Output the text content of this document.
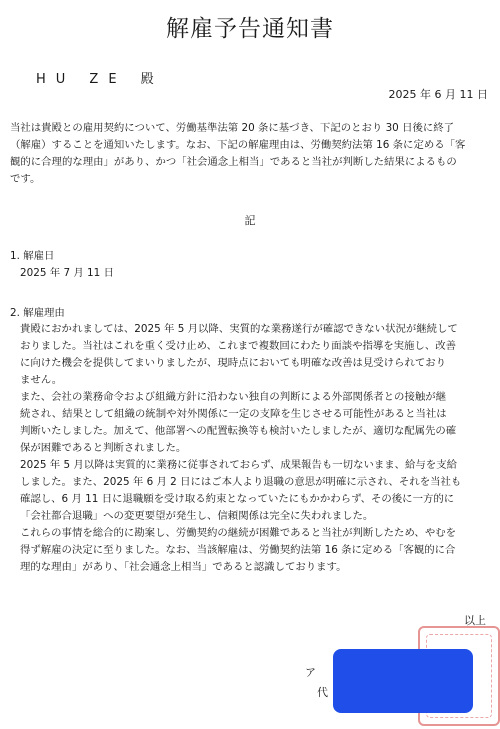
解雇予告通知書
HU ZE 殿
2025 年 6 月 11 日
当社は貴殿との雇用契約について、労働基準法第 20 条に基づき、下記のとおり 30 日後に終了
（解雇）することを通知いたします。なお、下記の解雇理由は、労働契約法第 16 条に定める「客
観的に合理的な理由」があり、かつ「社会通念上相当」であると当社が判断した結果によるもの
です。
記
1. 解雇日
2025 年 7 月 11 日
2. 解雇理由
貴殿におかれましては、2025 年 5 月以降、実質的な業務遂行が確認できない状況が継続して
おりました。当社はこれを重く受け止め、これまで複数回にわたり面談や指導を実施し、改善
に向けた機会を提供してまいりましたが、現時点においても明確な改善は見受けられており
ません。
また、会社の業務命令および組織方針に沿わない独自の判断による外部関係者との接触が継
続され、結果として組織の統制や対外関係に一定の支障を生じさせる可能性があると当社は
判断いたしました。加えて、他部署への配置転換等も検討いたしましたが、適切な配属先の確
保が困難であると判断されました。
2025 年 5 月以降は実質的に業務に従事されておらず、成果報告も一切ないまま、給与を支給
しました。また、2025 年 6 月 2 日にはご本人より退職の意思が明確に示され、それを当社も
確認し、6 月 11 日に退職願を受け取る約束となっていたにもかかわらず、その後に一方的に
「会社都合退職」への変更要望が発生し、信頼関係は完全に失われました。
これらの事情を総合的に勘案し、労働契約の継続が困難であると当社が判断したため、やむを
得ず解雇の決定に至りました。なお、当該解雇は、労働契約法第 16 条に定める「客観的に合
理的な理由」があり、「社会通念上相当」であると認識しております。
以上
ア
代
